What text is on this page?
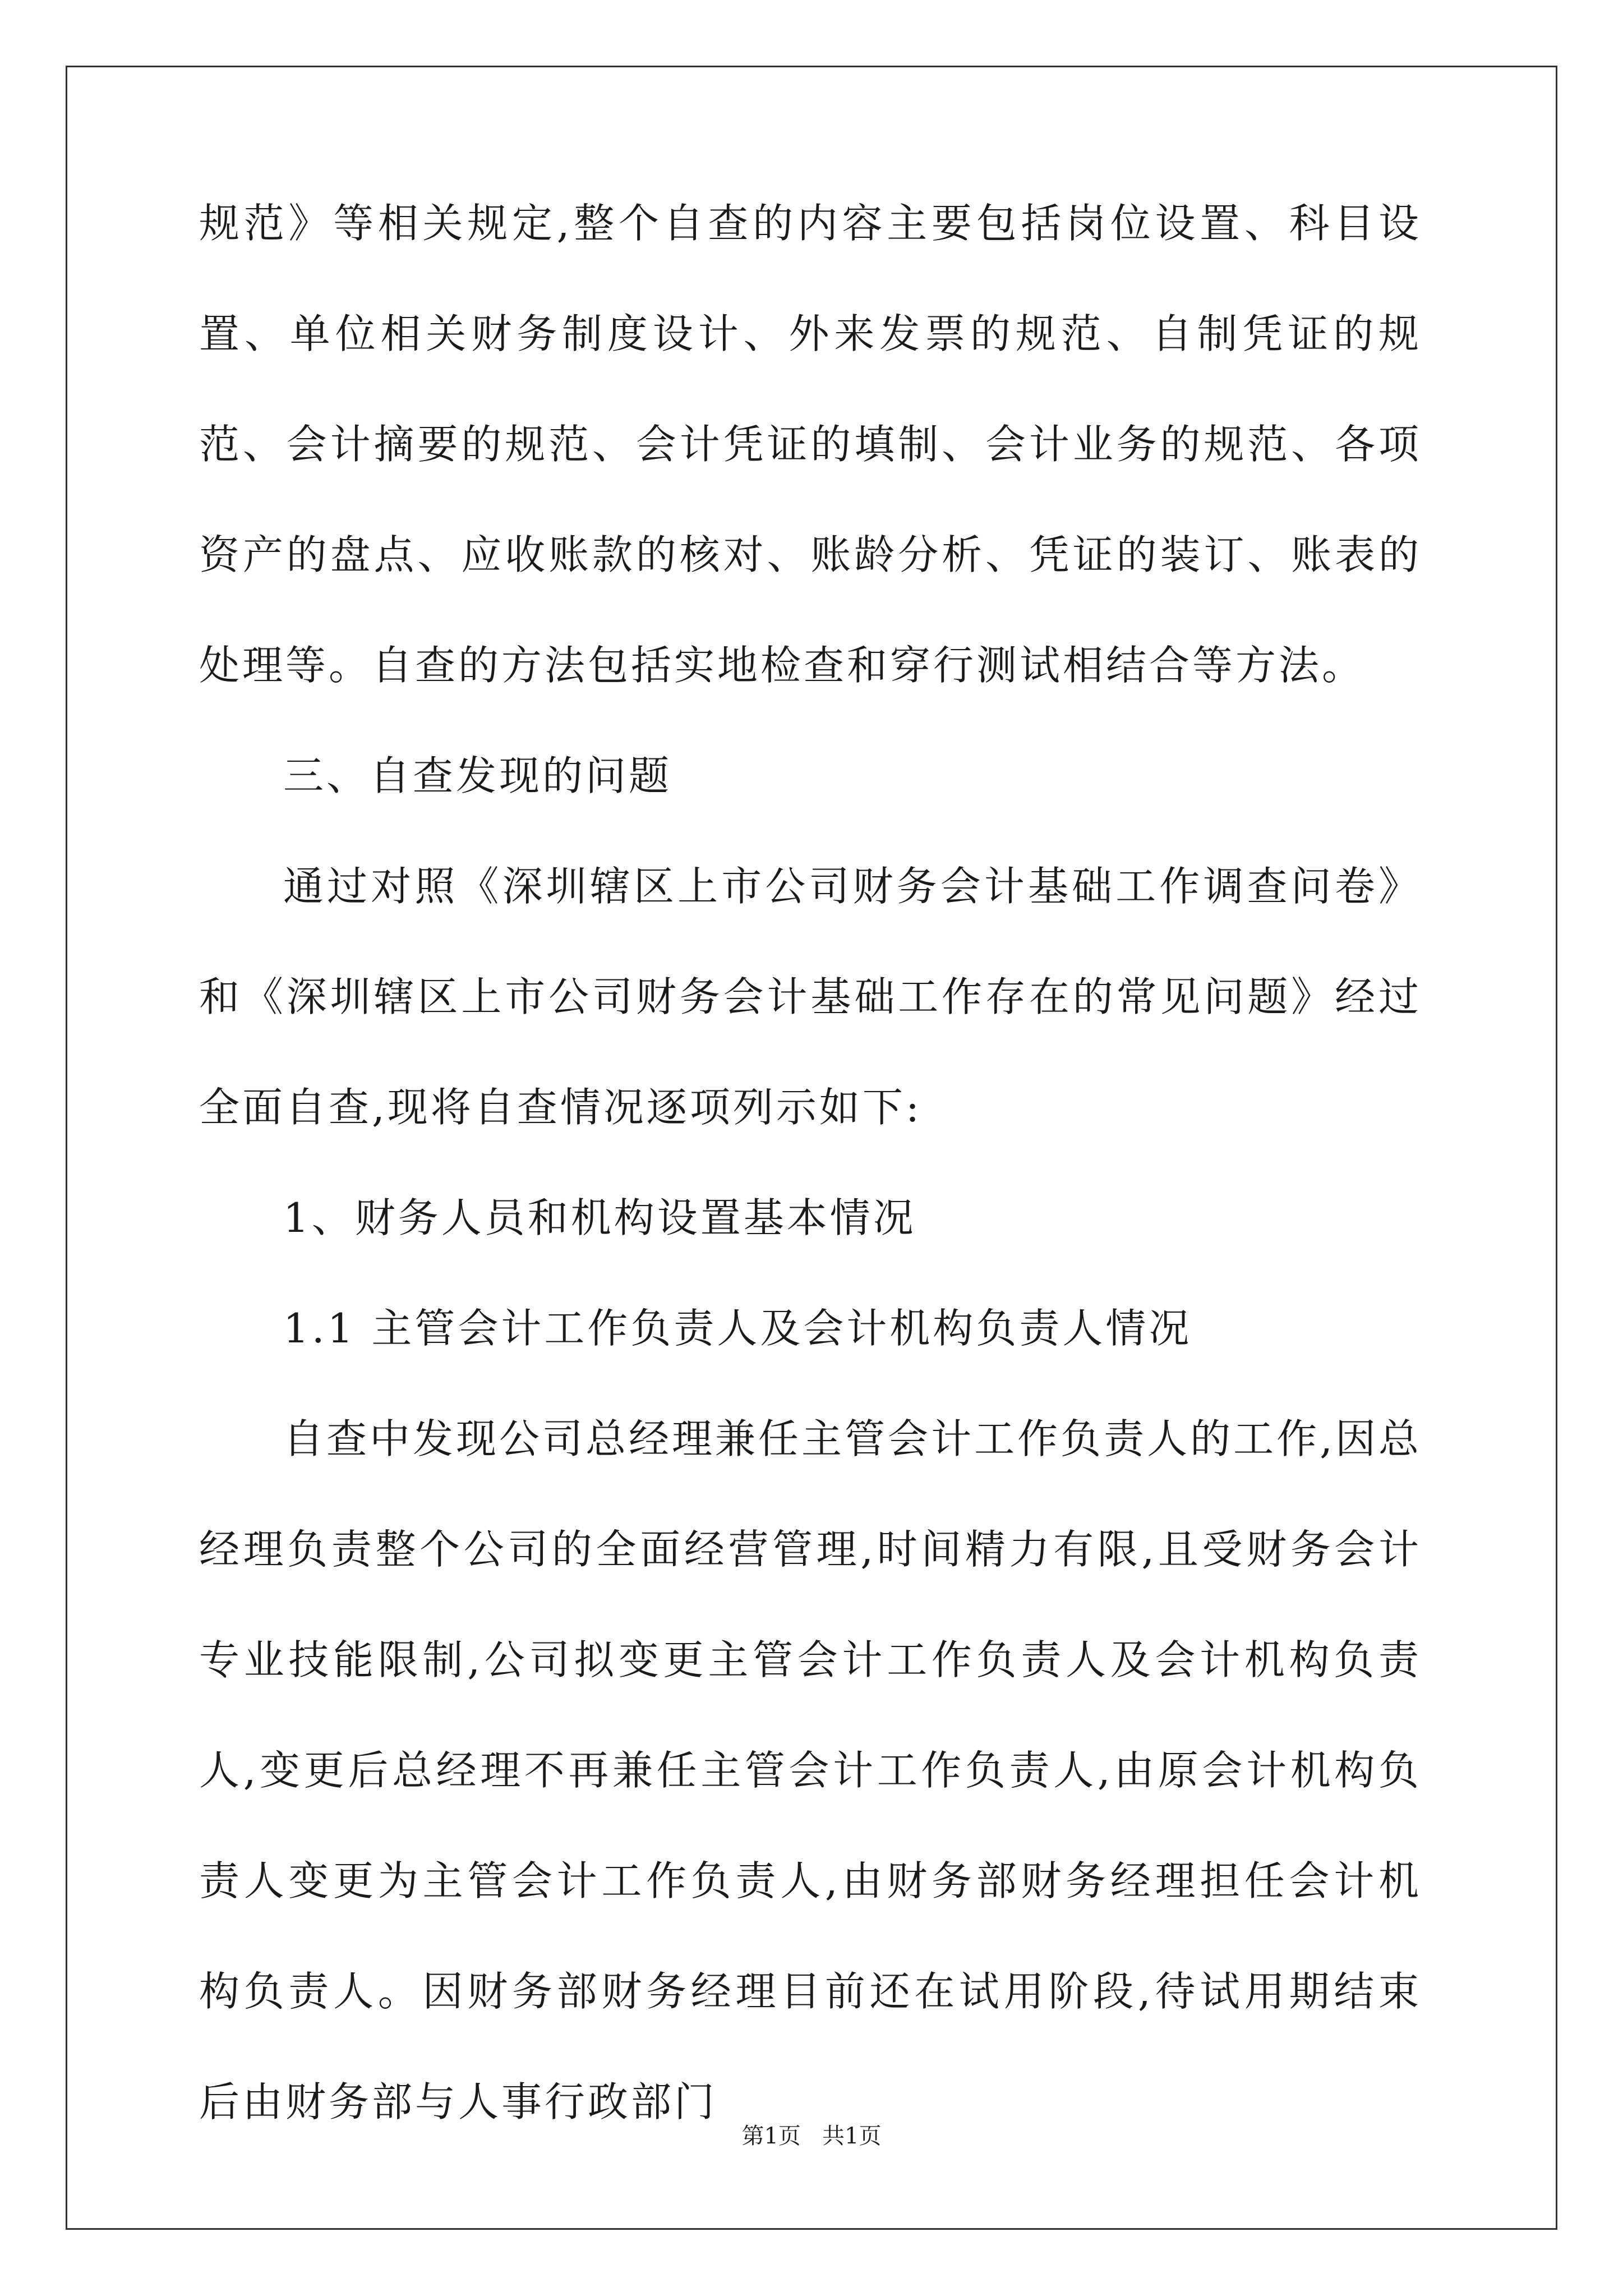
规范》等相关规定,整个自查的内容主要包括岗位设置、科目设置、单位相关财务制度设计、外来发票的规范、自制凭证的规范、会计摘要的规范、会计凭证的填制、会计业务的规范、各项资产的盘点、应收账款的核对、账龄分析、凭证的装订、账表的处理等。自查的方法包括实地检查和穿行测试相结合等方法。

三、自查发现的问题

通过对照《深圳辖区上市公司财务会计基础工作调查问卷》和《深圳辖区上市公司财务会计基础工作存在的常见问题》经过全面自查,现将自查情况逐项列示如下:

1、财务人员和机构设置基本情况

1.1 主管会计工作负责人及会计机构负责人情况

自查中发现公司总经理兼任主管会计工作负责人的工作,因总经理负责整个公司的全面经营管理,时间精力有限,且受财务会计专业技能限制,公司拟变更主管会计工作负责人及会计机构负责人,变更后总经理不再兼任主管会计工作负责人,由原会计机构负责人变更为主管会计工作负责人,由财务部财务经理担任会计机构负责人。因财务部财务经理目前还在试用阶段,待试用期结束后由财务部与人事行政部门

第1页   共1页
